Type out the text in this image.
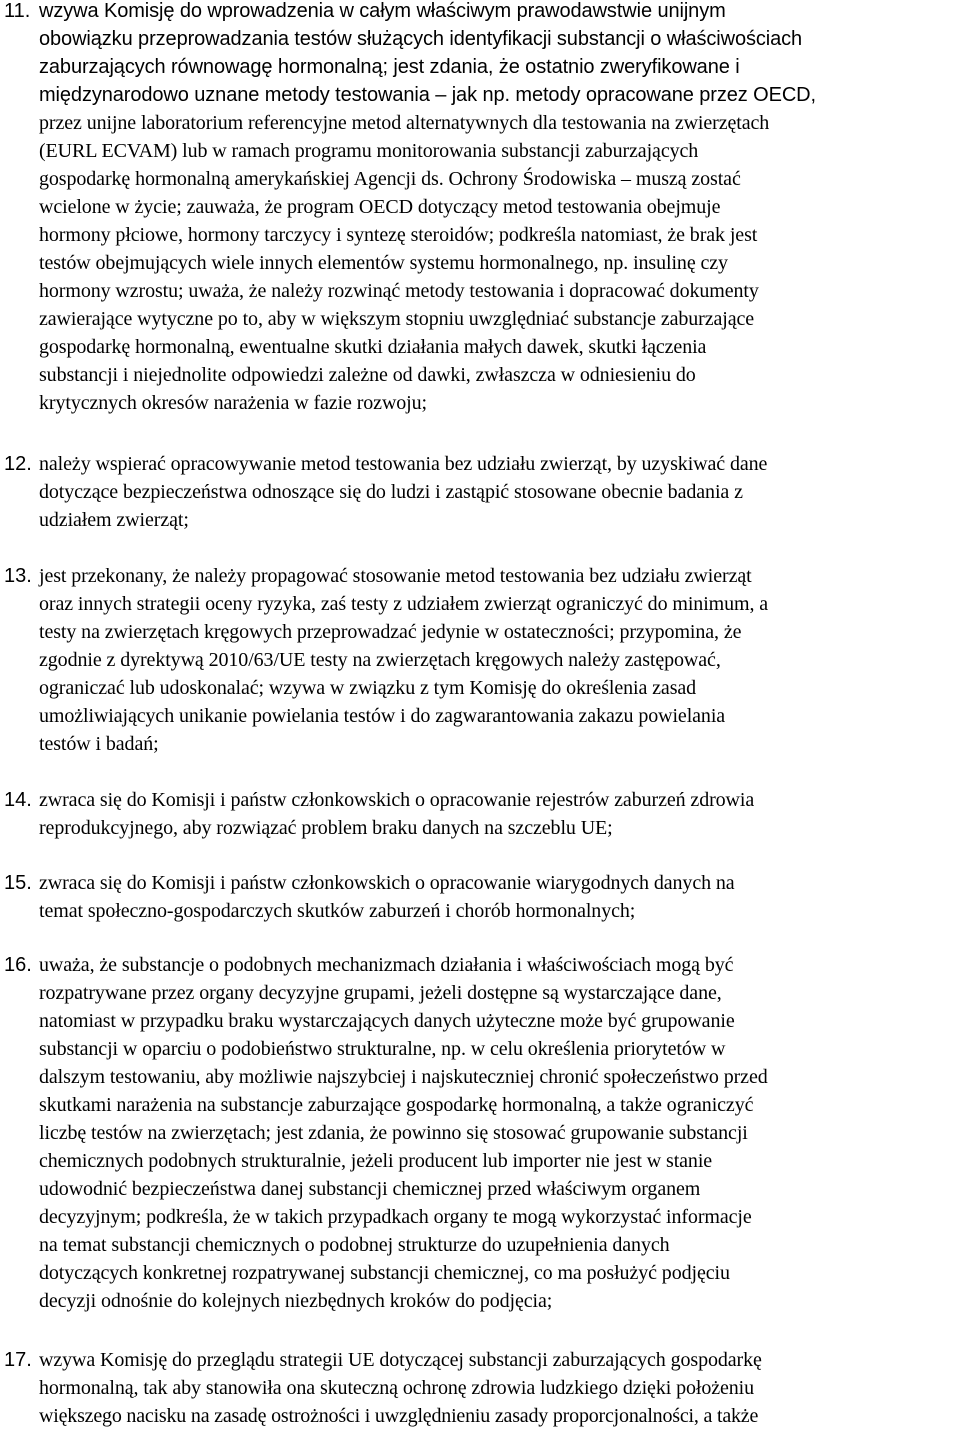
11. wzywa Komisję do wprowadzenia w całym właściwym prawodawstwie unijnym
obowiązku przeprowadzania testów służących identyfikacji substancji o właściwościach
zaburzających równowagę hormonalną; jest zdania, że ostatnio zweryfikowane i
międzynarodowo uznane metody testowania – jak np. metody opracowane przez OECD,
przez unijne laboratorium referencyjne metod alternatywnych dla testowania na zwierzętach
(EURL ECVAM) lub w ramach programu monitorowania substancji zaburzających
gospodarkę hormonalną amerykańskiej Agencji ds. Ochrony Środowiska – muszą zostać
wcielone w życie; zauważa, że program OECD dotyczący metod testowania obejmuje
hormony płciowe, hormony tarczycy i syntezę steroidów; podkreśla natomiast, że brak jest
testów obejmujących wiele innych elementów systemu hormonalnego, np. insulinę czy
hormony wzrostu; uważa, że należy rozwinąć metody testowania i dopracować dokumenty
zawierające wytyczne po to, aby w większym stopniu uwzględniać substancje zaburzające
gospodarkę hormonalną, ewentualne skutki działania małych dawek, skutki łączenia
substancji i niejednolite odpowiedzi zależne od dawki, zwłaszcza w odniesieniu do
krytycznych okresów narażenia w fazie rozwoju;
12. należy wspierać opracowywanie metod testowania bez udziału zwierząt, by uzyskiwać dane
dotyczące bezpieczeństwa odnoszące się do ludzi i zastąpić stosowane obecnie badania z
udziałem zwierząt;
13. jest przekonany, że należy propagować stosowanie metod testowania bez udziału zwierząt
oraz innych strategii oceny ryzyka, zaś testy z udziałem zwierząt ograniczyć do minimum, a
testy na zwierzętach kręgowych przeprowadzać jedynie w ostateczności; przypomina, że
zgodnie z dyrektywą 2010/63/UE testy na zwierzętach kręgowych należy zastępować,
ograniczać lub udoskonalać; wzywa w związku z tym Komisję do określenia zasad
umożliwiających unikanie powielania testów i do zagwarantowania zakazu powielania
testów i badań;
14. zwraca się do Komisji i państw członkowskich o opracowanie rejestrów zaburzeń zdrowia
reprodukcyjnego, aby rozwiązać problem braku danych na szczeblu UE;
15. zwraca się do Komisji i państw członkowskich o opracowanie wiarygodnych danych na
temat społeczno-gospodarczych skutków zaburzeń i chorób hormonalnych;
16. uważa, że substancje o podobnych mechanizmach działania i właściwościach mogą być
rozpatrywane przez organy decyzyjne grupami, jeżeli dostępne są wystarczające dane,
natomiast w przypadku braku wystarczających danych użyteczne może być grupowanie
substancji w oparciu o podobieństwo strukturalne, np. w celu określenia priorytetów w
dalszym testowaniu, aby możliwie najszybciej i najskuteczniej chronić społeczeństwo przed
skutkami narażenia na substancje zaburzające gospodarkę hormonalną, a także ograniczyć
liczbę testów na zwierzętach; jest zdania, że powinno się stosować grupowanie substancji
chemicznych podobnych strukturalnie, jeżeli producent lub importer nie jest w stanie
udowodnić bezpieczeństwa danej substancji chemicznej przed właściwym organem
decyzyjnym; podkreśla, że w takich przypadkach organy te mogą wykorzystać informacje
na temat substancji chemicznych o podobnej strukturze do uzupełnienia danych
dotyczących konkretnej rozpatrywanej substancji chemicznej, co ma posłużyć podjęciu
decyzji odnośnie do kolejnych niezbędnych kroków do podjęcia;
17. wzywa Komisję do przeglądu strategii UE dotyczącej substancji zaburzających gospodarkę
hormonalną, tak aby stanowiła ona skuteczną ochronę zdrowia ludzkiego dzięki położeniu
większego nacisku na zasadę ostrożności i uwzględnieniu zasady proporcjonalności, a także
